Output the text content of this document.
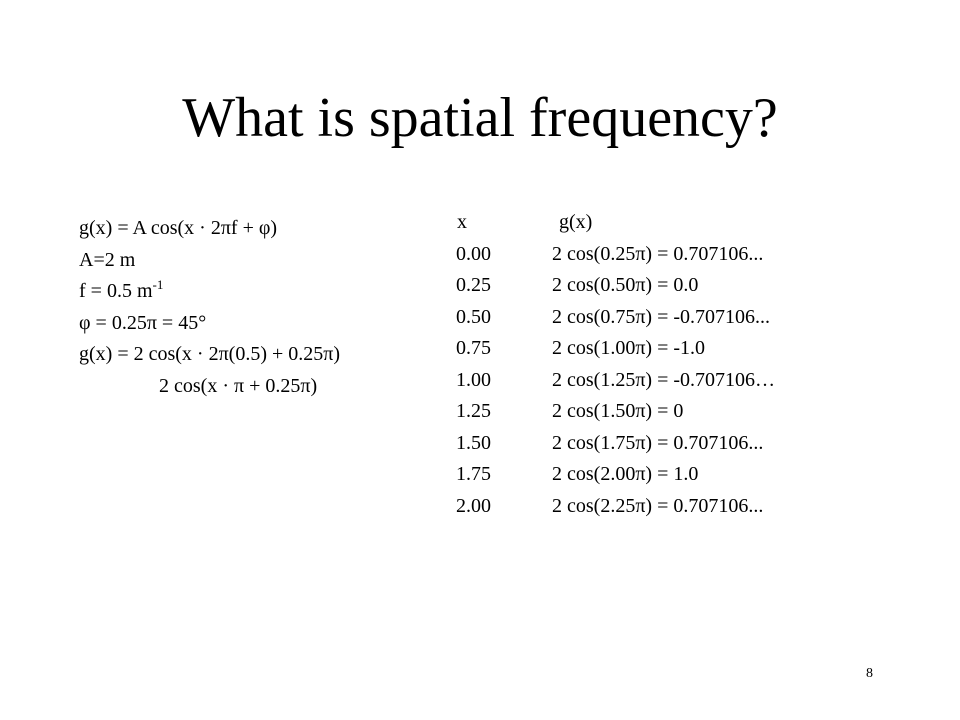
What is spatial frequency?
g(x) = A cos(x · 2πf + φ)
A=2 m
f = 0.5 $m^{-1}$
φ = 0.25π = 45°
g(x) = 2 cos(x · 2π(0.5) + 0.25π)
2 cos(x · π + 0.25π)
x	g(x)
0.00	2 cos(0.25π) = 0.707106...
0.25	2 cos(0.50π) = 0.0
0.50	2 cos(0.75π) = -0.707106...
0.75	2 cos(1.00π) = -1.0
1.00	2 cos(1.25π) = -0.707106…
1.25	2 cos(1.50π) = 0
1.50	2 cos(1.75π) = 0.707106...
1.75	2 cos(2.00π) = 1.0
2.00	2 cos(2.25π) = 0.707106...
8
